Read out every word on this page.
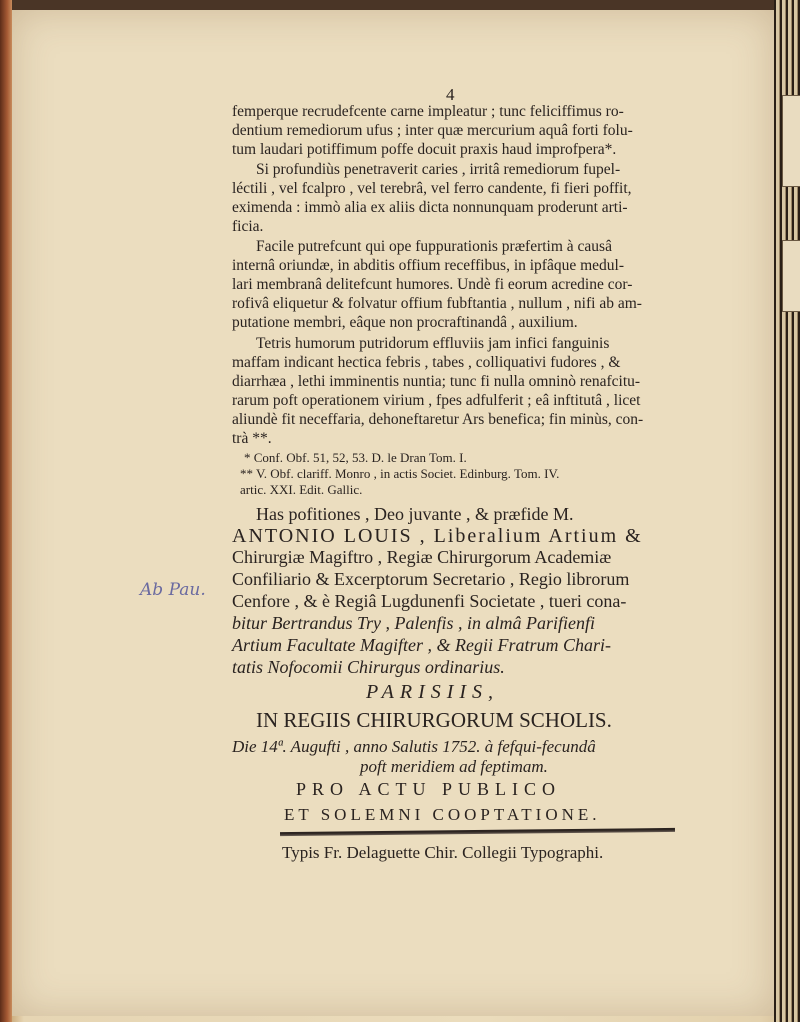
4
femperque recrudefcente carne impleatur ; tunc feliciffimus ro-
dentium remediorum ufus ; inter quæ mercurium aquâ forti folu-
tum laudari potiffimum poffe docuit praxis haud improfpera*.
Si profundiùs penetraverit caries , irritâ remediorum fupel-
léctili , vel fcalpro , vel terebrâ, vel ferro candente, fi fieri poffit,
eximenda : immò alia ex aliis dicta nonnunquam proderunt arti-
ficia.
Facile putrefcunt qui ope fuppurationis præfertim à causâ
internâ oriundæ, in abditis offium receffibus, in ipfâque medul-
lari membranâ delitefcunt humores. Undè fi eorum acredine cor-
rofivâ eliquetur & folvatur offium fubftantia , nullum , nifi ab am-
putatione membri, eâque non procraftinandâ , auxilium.
Tetris humorum putridorum effluviis jam infici fanguinis
maffam indicant hectica febris , tabes , colliquativi fudores , &
diarrhæa , lethi imminentis nuntia; tunc fi nulla omninò renafcitu-
rarum poft operationem virium , fpes adfulferit ; eâ inftitutâ , licet
aliundè fit neceffaria, dehoneftaretur Ars benefica; fin minùs, con-
trà **.
* Conf. Obf. 51, 52, 53. D. le Dran Tom. I.
** V. Obf. clariff. Monro , in actis Societ. Edinburg. Tom. IV.
artic. XXI. Edit. Gallic.
Has pofitiones , Deo juvante , & præfide M.
ANTONIO LOUIS , Liberalium Artium &
Chirurgiæ Magiftro , Regiæ Chirurgorum Academiæ
Confiliario & Excerptorum Secretario , Regio librorum
Cenfore , & è Regiâ Lugdunenfi Societate , tueri cona-
bitur Bertrandus Try , Palenfis , in almâ Parifienfi
Artium Facultate Magifter , & Regii Fratrum Chari-
tatis Nofocomii Chirurgus ordinarius.
PARISIIS,
IN REGIIS CHIRURGORUM SCHOLIS.
Die 14ª. Augufti , anno Salutis 1752. à fefqui-fecundâ
poft meridiem ad feptimam.
PRO ACTU PUBLICO
ET SOLEMNI COOPTATIONE.
Typis Fr. Delaguette Chir. Collegii Typographi.
Ab Pau.
